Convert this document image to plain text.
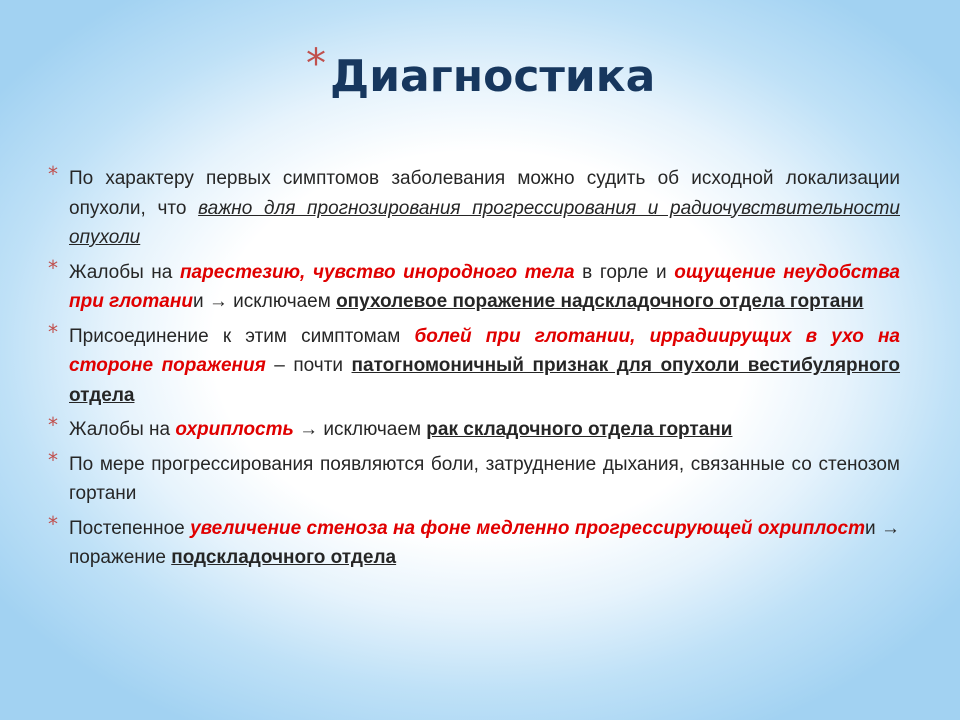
* Диагностика
* По характеру первых симптомов заболевания можно судить об исходной локализации опухоли, что важно для прогнозирования прогрессирования и радиочувствительности опухоли
* Жалобы на парестезию, чувство инородного тела в горле и ощущение неудобства при глотании → исключаем опухолевое поражение надскладочного отдела гортани
* Присоединение к этим симптомам болей при глотании, иррадиирущих в ухо на стороне поражения – почти патогномоничный признак для опухоли вестибулярного отдела
* Жалобы на охриплость → исключаем рак складочного отдела гортани
* По мере прогрессирования появляются боли, затруднение дыхания, связанные со стенозом гортани
* Постепенное увеличение стеноза на фоне медленно прогрессирующей охриплости → поражение подскладочного отдела
